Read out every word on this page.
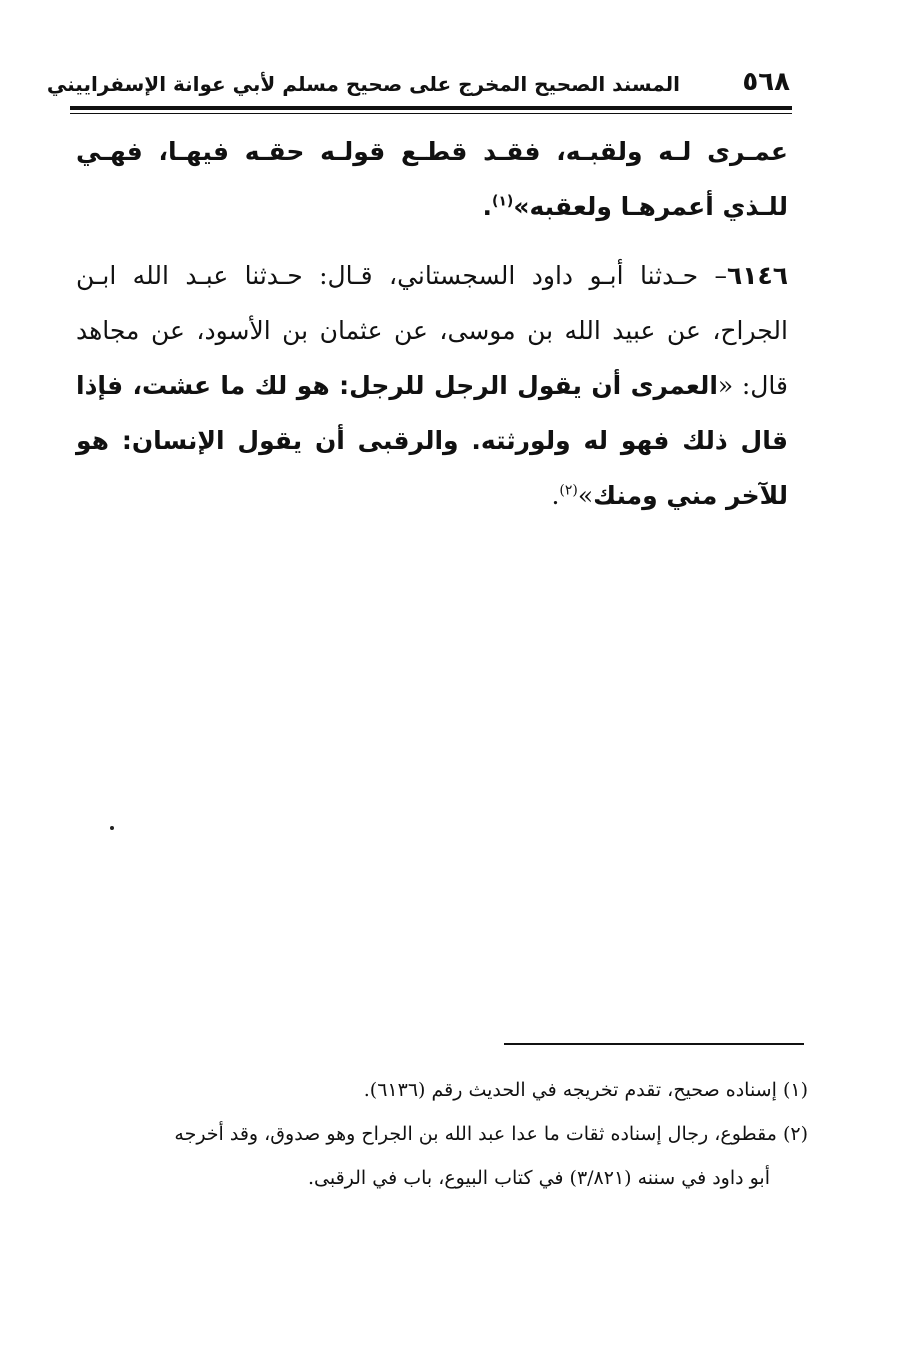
٥٦٨
المسند الصحيح المخرج على صحيح مسلم لأبي عوانة الإسفراييني

عمـرى لـه ولقبـه، فقـد قطـع قولـه حقـه فيهـا، فهـي للـذي أعمرهـا ولعقبه»$^{(١)}$.

٦١٤٦– حـدثنا أبـو داود السجستاني، قـال: حـدثنا عبـد الله ابـن الجراح، عن عبيد الله بن موسى، عن عثمان بن الأسود، عن مجاهد قال: «العمرى أن يقول الرجل للرجل: هو لك ما عشت، فإذا قال ذلك فهو له ولورثته. والرقبى أن يقول الإنسان: هو للآخر مني ومنك»$^{(٢)}$.

(١) إسناده صحيح، تقدم تخريجه في الحديث رقم (٦١٣٦).

(٢) مقطوع، رجال إسناده ثقات ما عدا عبد الله بن الجراح وهو صدوق، وقد أخرجه

أبو داود في سننه (٣/٨٢١) في كتاب البيوع، باب في الرقبى.
